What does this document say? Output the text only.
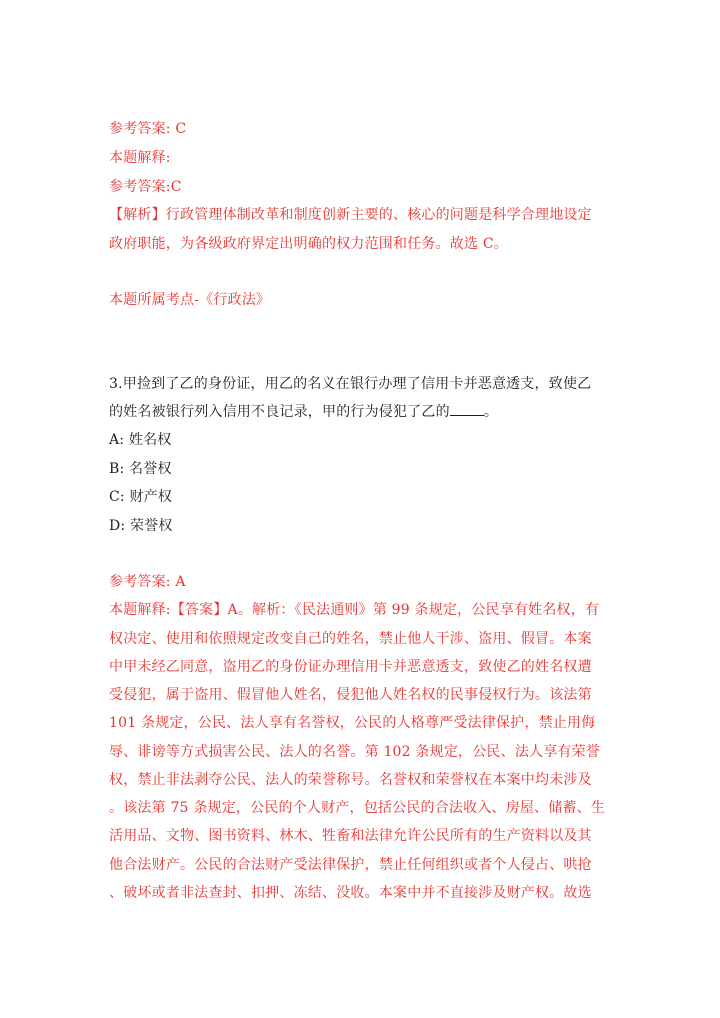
参考答案: C
本题解释:
参考答案:C
【解析】行政管理体制改革和制度创新主要的、核心的问题是科学合理地设定
政府职能，为各级政府界定出明确的权力范围和任务。故选 C。
本题所属考点-《行政法》
3.甲捡到了乙的身份证，用乙的名义在银行办理了信用卡并恶意透支，致使乙
的姓名被银行列入信用不良记录，甲的行为侵犯了乙的 。
A: 姓名权
B: 名誉权
C: 财产权
D: 荣誉权
参考答案: A
本题解释:【答案】A。解析：《民法通则》第 99 条规定，公民享有姓名权，有
权决定、使用和依照规定改变自己的姓名，禁止他人干涉、盗用、假冒。本案
中甲未经乙同意，盗用乙的身份证办理信用卡并恶意透支，致使乙的姓名权遭
受侵犯，属于盗用、假冒他人姓名，侵犯他人姓名权的民事侵权行为。该法第
101 条规定，公民、法人享有名誉权，公民的人格尊严受法律保护，禁止用侮
辱、诽谤等方式损害公民、法人的名誉。第 102 条规定，公民、法人享有荣誉
权，禁止非法剥夺公民、法人的荣誉称号。名誉权和荣誉权在本案中均未涉及
。该法第 75 条规定，公民的个人财产，包括公民的合法收入、房屋、储蓄、生
活用品、文物、图书资料、林木、牲畜和法律允许公民所有的生产资料以及其
他合法财产。公民的合法财产受法律保护，禁止任何组织或者个人侵占、哄抢
、破坏或者非法查封、扣押、冻结、没收。本案中并不直接涉及财产权。故选
